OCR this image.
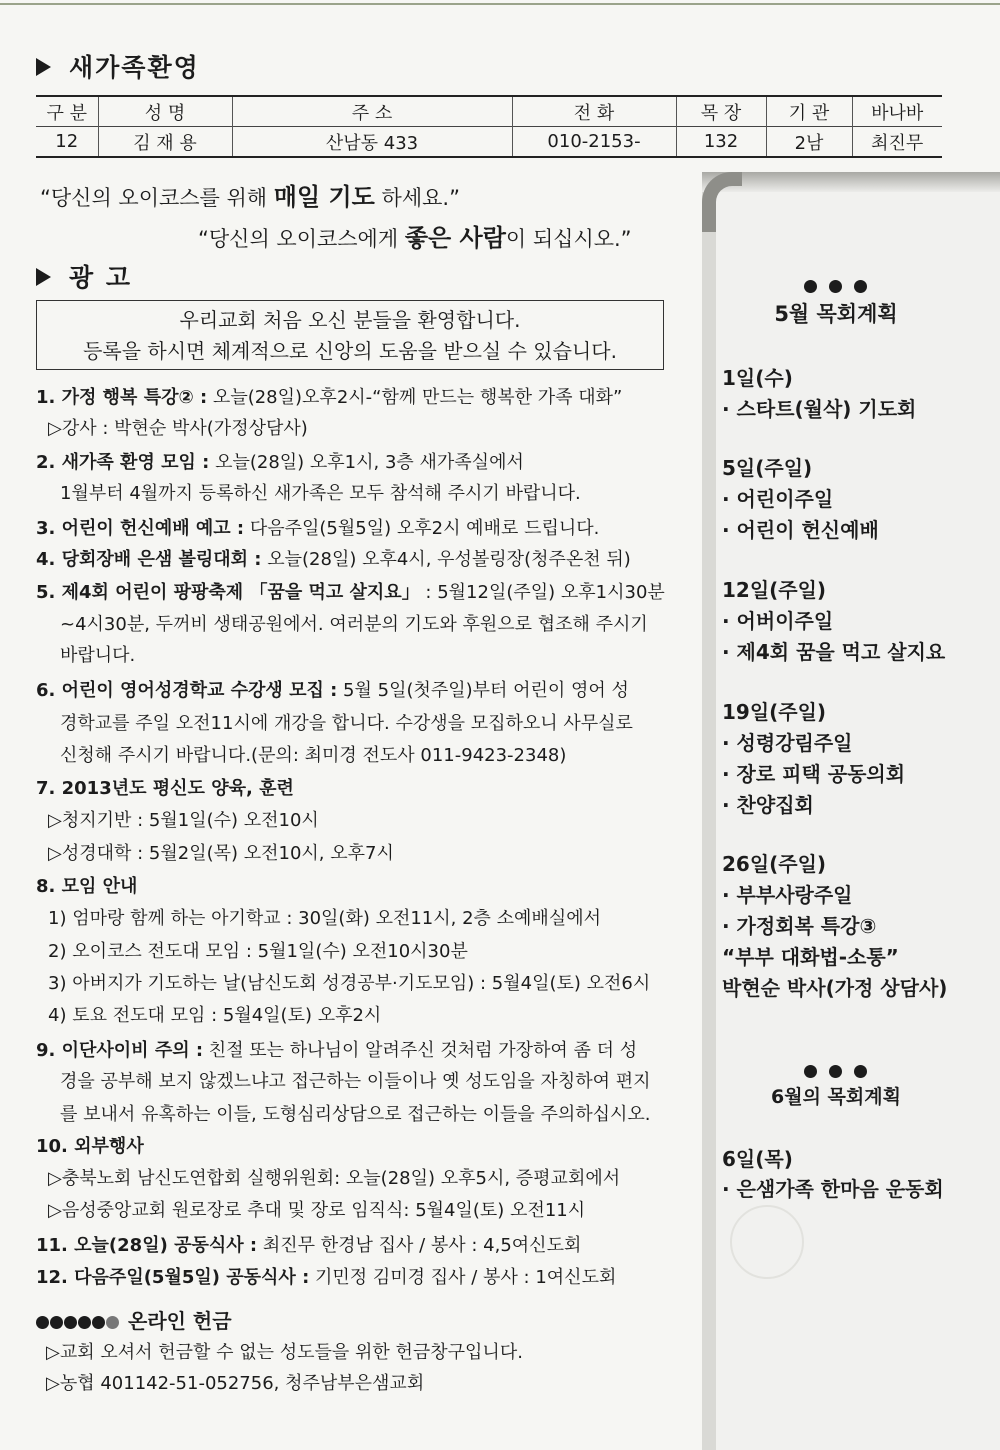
새가족환영
구 분	성 명	주 소	전 화	목 장	기 관	바나바
12	김 재 용	산남동 433	010-2153-	132	2남	최진무
“당신의 오이코스를 위해 매일 기도 하세요.”
“당신의 오이코스에게 좋은 사람이 되십시오.”
광 고
우리교회 처음 오신 분들을 환영합니다.
등록을 하시면 체계적으로 신앙의 도움을 받으실 수 있습니다.
1. 가정 행복 특강② : 오늘(28일)오후2시-“함께 만드는 행복한 가족 대화”
▷강사 : 박현순 박사(가정상담사)
2. 새가족 환영 모임 : 오늘(28일) 오후1시, 3층 새가족실에서
1월부터 4월까지 등록하신 새가족은 모두 참석해 주시기 바랍니다.
3. 어린이 헌신예배 예고 : 다음주일(5월5일) 오후2시 예배로 드립니다.
4. 당회장배 은샘 볼링대회 : 오늘(28일) 오후4시, 우성볼링장(청주온천 뒤)
5. 제4회 어린이 팡팡축제 「꿈을 먹고 살지요」 : 5월12일(주일) 오후1시30분
~4시30분, 두꺼비 생태공원에서. 여러분의 기도와 후원으로 협조해 주시기
바랍니다.
6. 어린이 영어성경학교 수강생 모집 : 5월 5일(첫주일)부터 어린이 영어 성
경학교를 주일 오전11시에 개강을 합니다. 수강생을 모집하오니 사무실로
신청해 주시기 바랍니다.(문의: 최미경 전도사 011-9423-2348)
7. 2013년도 평신도 양육, 훈련
▷청지기반 : 5월1일(수) 오전10시
▷성경대학 : 5월2일(목) 오전10시, 오후7시
8. 모임 안내
1) 엄마랑 함께 하는 아기학교 : 30일(화) 오전11시, 2층 소예배실에서
2) 오이코스 전도대 모임 : 5월1일(수) 오전10시30분
3) 아버지가 기도하는 날(남신도회 성경공부·기도모임) : 5월4일(토) 오전6시
4) 토요 전도대 모임 : 5월4일(토) 오후2시
9. 이단사이비 주의 : 친절 또는 하나님이 알려주신 것처럼 가장하여 좀 더 성
경을 공부해 보지 않겠느냐고 접근하는 이들이나 옛 성도임을 자칭하여 편지
를 보내서 유혹하는 이들, 도형심리상담으로 접근하는 이들을 주의하십시오.
10. 외부행사
▷충북노회 남신도연합회 실행위원회: 오늘(28일) 오후5시, 증평교회에서
▷음성중앙교회 원로장로 추대 및 장로 임직식: 5월4일(토) 오전11시
11. 오늘(28일) 공동식사 : 최진무 한경남 집사 / 봉사 : 4,5여신도회
12. 다음주일(5월5일) 공동식사 : 기민정 김미경 집사 / 봉사 : 1여신도회
온라인 헌금
▷교회 오셔서 헌금할 수 없는 성도들을 위한 헌금창구입니다.
▷농협 401142-51-052756, 청주남부은샘교회
5월 목회계획
6월의 목회계획
1일(수)
· 스타트(월삭) 기도회
5일(주일)
· 어린이주일
· 어린이 헌신예배
12일(주일)
· 어버이주일
· 제4회 꿈을 먹고 살지요
19일(주일)
· 성령강림주일
· 장로 피택 공동의회
· 찬양집회
26일(주일)
· 부부사랑주일
· 가정회복 특강③
“부부 대화법-소통”
박현순 박사(가정 상담사)
6일(목)
· 은샘가족 한마음 운동회
